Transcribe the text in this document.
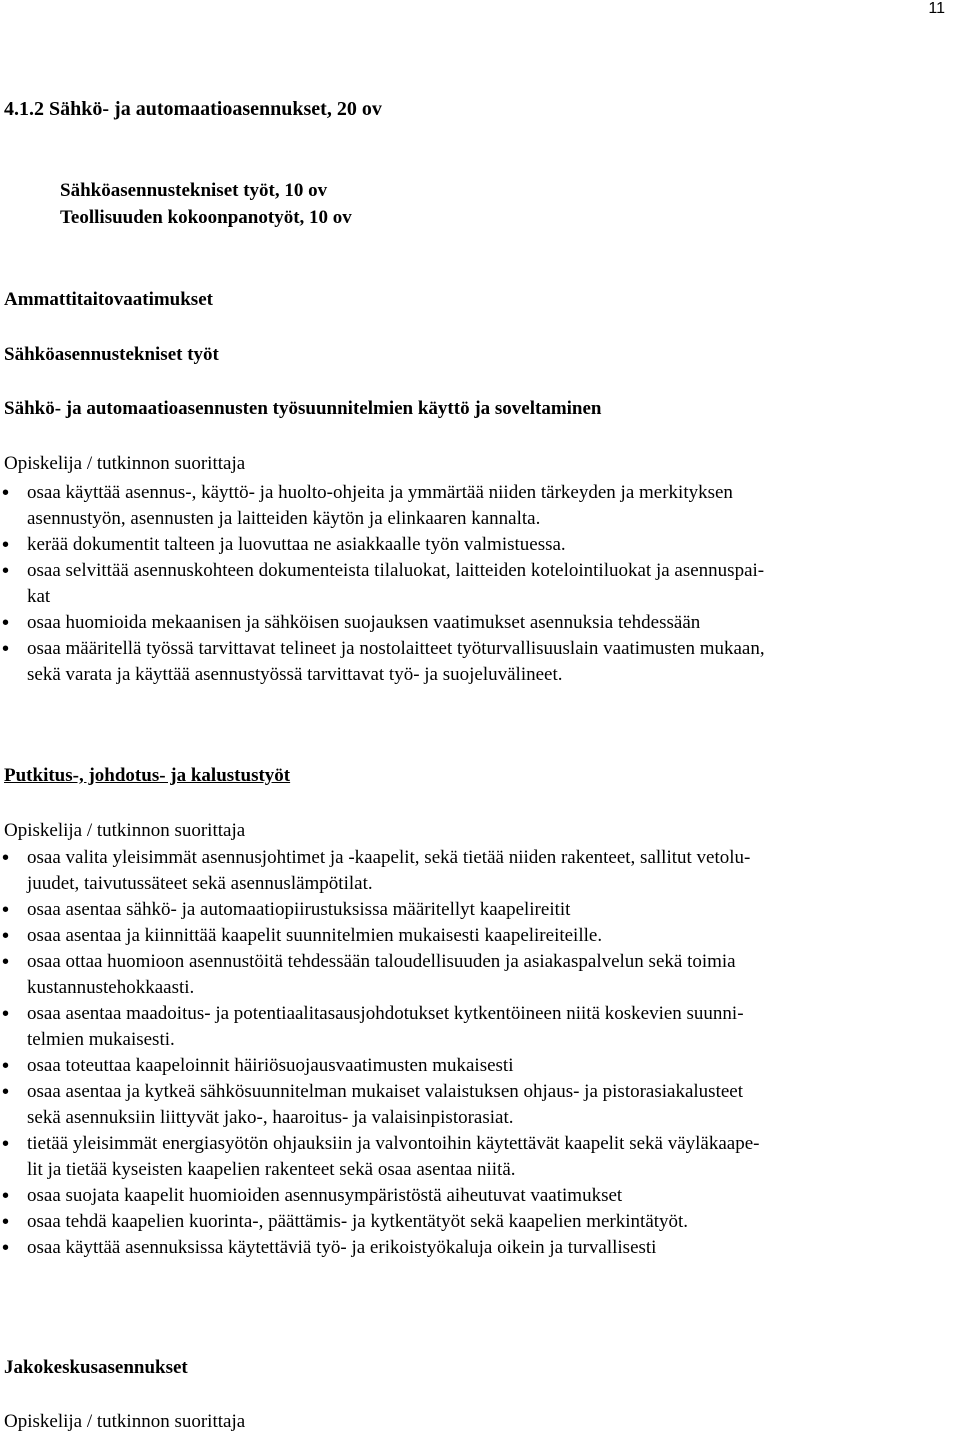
11
4.1.2 Sähkö- ja automaatioasennukset, 20 ov
Sähköasennustekniset työt, 10 ov
Teollisuuden kokoonpanotyöt, 10 ov
Ammattitaitovaatimukset
Sähköasennustekniset työt
Sähkö- ja automaatioasennusten työsuunnitelmien käyttö ja soveltaminen
Opiskelija / tutkinnon suorittaja
• osaa käyttää asennus-, käyttö- ja huolto-ohjeita ja ymmärtää niiden tärkeyden ja merkityksen
asennustyön, asennusten ja laitteiden käytön ja elinkaaren kannalta.
• kerää dokumentit talteen ja luovuttaa ne asiakkaalle työn valmistuessa.
• osaa selvittää asennuskohteen dokumenteista tilaluokat, laitteiden kotelointiluokat ja asennuspai-
kat
• osaa huomioida mekaanisen ja sähköisen suojauksen vaatimukset asennuksia tehdessään
• osaa määritellä työssä tarvittavat telineet ja nostolaitteet työturvallisuuslain vaatimusten mukaan,
sekä varata ja käyttää asennustyössä tarvittavat työ- ja suojeluvälineet.
Putkitus-, johdotus- ja kalustustyöt
Opiskelija / tutkinnon suorittaja
• osaa valita yleisimmät asennusjohtimet ja -kaapelit, sekä tietää niiden rakenteet, sallitut vetolu-
juudet, taivutussäteet sekä asennuslämpötilat.
• osaa asentaa sähkö- ja automaatiopiirustuksissa määritellyt kaapelireitit
• osaa asentaa ja kiinnittää kaapelit suunnitelmien mukaisesti kaapelireiteille.
• osaa ottaa huomioon asennustöitä tehdessään taloudellisuuden ja asiakaspalvelun sekä toimia
kustannustehokkaasti.
• osaa asentaa maadoitus- ja potentiaalitasausjohdotukset kytkentöineen niitä koskevien suunni-
telmien mukaisesti.
• osaa toteuttaa kaapeloinnit häiriösuojausvaatimusten mukaisesti
• osaa asentaa ja kytkeä sähkösuunnitelman mukaiset valaistuksen ohjaus- ja pistorasiakalusteet
sekä asennuksiin liittyvät jako-, haaroitus- ja valaisinpistorasiat.
• tietää yleisimmät energiasyötön ohjauksiin ja valvontoihin käytettävät kaapelit sekä väyläkaape-
lit ja tietää kyseisten kaapelien rakenteet sekä osaa asentaa niitä.
• osaa suojata kaapelit huomioiden asennusympäristöstä aiheutuvat vaatimukset
• osaa tehdä kaapelien kuorinta-, päättämis- ja kytkentätyöt sekä kaapelien merkintätyöt.
• osaa käyttää asennuksissa käytettäviä työ- ja erikoistyökaluja oikein ja turvallisesti
Jakokeskusasennukset
Opiskelija / tutkinnon suorittaja
